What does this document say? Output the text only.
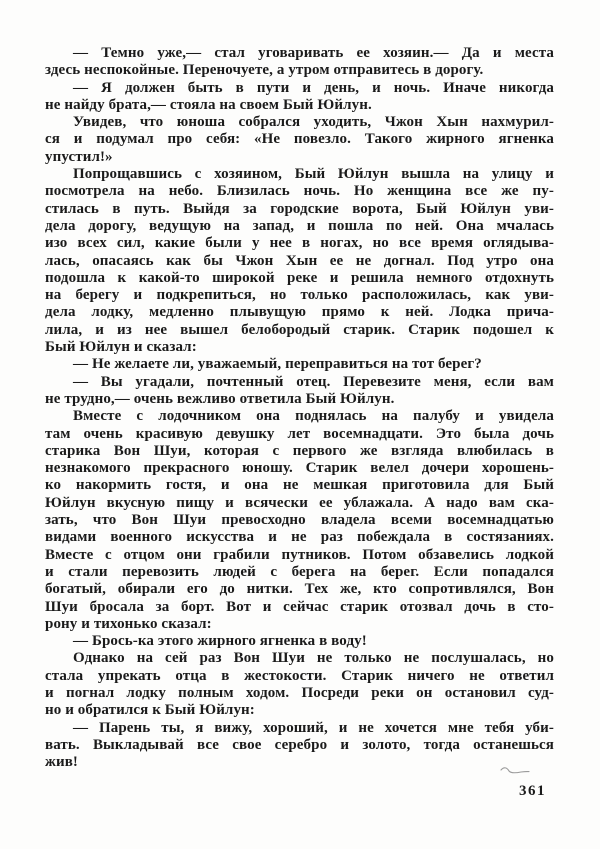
— Темно уже,— стал уговаривать ее хозяин.— Да и места
здесь неспокойные. Переночуете, а утром отправитесь в дорогу.
— Я должен быть в пути и день, и ночь. Иначе никогда
не найду брата,— стояла на своем Бый Юйлун.
Увидев, что юноша собрался уходить, Чжон Хын нахмурил-
ся и подумал про себя: «Не повезло. Такого жирного ягненка
упустил!»
Попрощавшись с хозяином, Бый Юйлун вышла на улицу и
посмотрела на небо. Близилась ночь. Но женщина все же пу-
стилась в путь. Выйдя за городские ворота, Бый Юйлун уви-
дела дорогу, ведущую на запад, и пошла по ней. Она мчалась
изо всех сил, какие были у нее в ногах, но все время оглядыва-
лась, опасаясь как бы Чжон Хын ее не догнал. Под утро она
подошла к какой-то широкой реке и решила немного отдохнуть
на берегу и подкрепиться, но только расположилась, как уви-
дела лодку, медленно плывущую прямо к ней. Лодка прича-
лила, и из нее вышел белобородый старик. Старик подошел к
Бый Юйлун и сказал:
— Не желаете ли, уважаемый, переправиться на тот берег?
— Вы угадали, почтенный отец. Перевезите меня, если вам
не трудно,— очень вежливо ответила Бый Юйлун.
Вместе с лодочником она поднялась на палубу и увидела
там очень красивую девушку лет восемнадцати. Это была дочь
старика Вон Шуи, которая с первого же взгляда влюбилась в
незнакомого прекрасного юношу. Старик велел дочери хорошень-
ко накормить гостя, и она не мешкая приготовила для Бый
Юйлун вкусную пищу и всячески ее ублажала. А надо вам ска-
зать, что Вон Шуи превосходно владела всеми восемнадцатью
видами военного искусства и не раз побеждала в состязаниях.
Вместе с отцом они грабили путников. Потом обзавелись лодкой
и стали перевозить людей с берега на берег. Если попадался
богатый, обирали его до нитки. Тех же, кто сопротивлялся, Вон
Шуи бросала за борт. Вот и сейчас старик отозвал дочь в сто-
рону и тихонько сказал:
— Брось-ка этого жирного ягненка в воду!
Однако на сей раз Вон Шуи не только не послушалась, но
стала упрекать отца в жестокости. Старик ничего не ответил
и погнал лодку полным ходом. Посреди реки он остановил суд-
но и обратился к Бый Юйлун:
— Парень ты, я вижу, хороший, и не хочется мне тебя уби-
вать. Выкладывай все свое серебро и золото, тогда останешься
жив!
361
